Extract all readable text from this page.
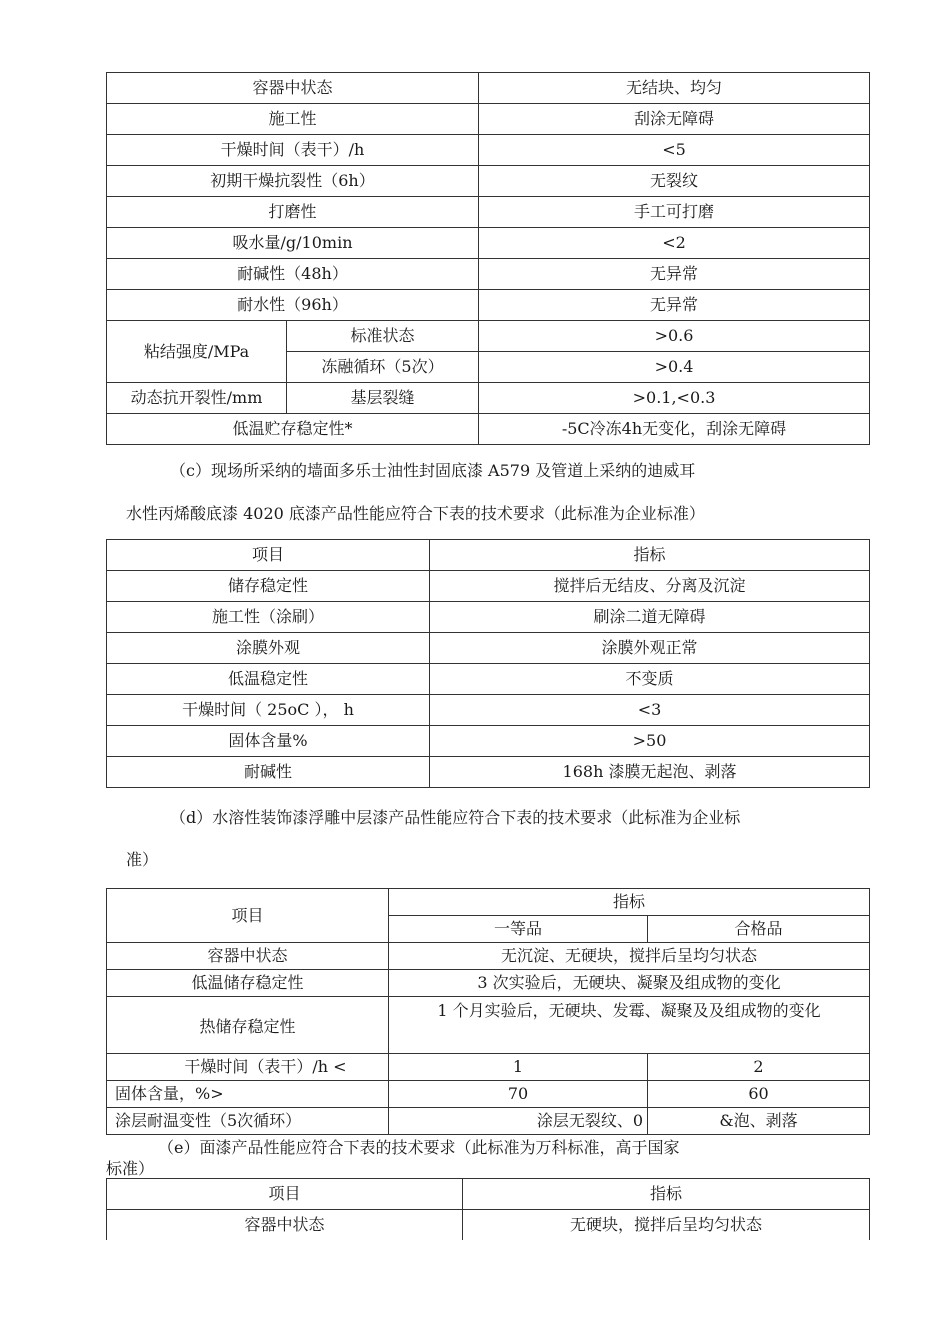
容器中状态		无结块、均匀
施工性		刮涂无障碍
干燥时间（表干）/h		<5
初期干燥抗裂性（6h）		无裂纹
打磨性		手工可打磨
吸水量/g/10min		<2
耐碱性（48h）		无异常
耐水性（96h）		无异常
粘结强度/MPa	标准状态	>0.6
	冻融循环（5次）	>0.4
动态抗开裂性/mm	基层裂缝	>0.1,<0.3
低温贮存稳定性*		-5C冷冻4h无变化，刮涂无障碍
（c）现场所采纳的墙面多乐士油性封固底漆 A579 及管道上采纳的迪威耳
水性丙烯酸底漆 4020 底漆产品性能应符合下表的技术要求（此标准为企业标准）
项目	指标
储存稳定性	搅拌后无结皮、分离及沉淀
施工性（涂刷）	刷涂二道无障碍
涂膜外观	涂膜外观正常
低温稳定性	不变质
干燥时间（ 25oC ）， h	<3
固体含量%	>50
耐碱性	168h 漆膜无起泡、剥落
（d）水溶性装饰漆浮雕中层漆产品性能应符合下表的技术要求（此标准为企业标
准）
项目	指标	
	一等品	合格品
容器中状态	无沉淀、无硬块，搅拌后呈均匀状态	
低温储存稳定性	3 次实验后，无硬块、凝聚及组成物的变化	
热储存稳定性	1 个月实验后，无硬块、发霉、凝聚及及组成物的变化	
干燥时间（表干）/h <	1	2
固体含量，%>	70	60
涂层耐温变性（5次循环）	涂层无裂纹、0	&泡、剥落
（e）面漆产品性能应符合下表的技术要求（此标准为万科标准，高于国家
标准）
项目	指标
容器中状态	无硬块，搅拌后呈均匀状态
